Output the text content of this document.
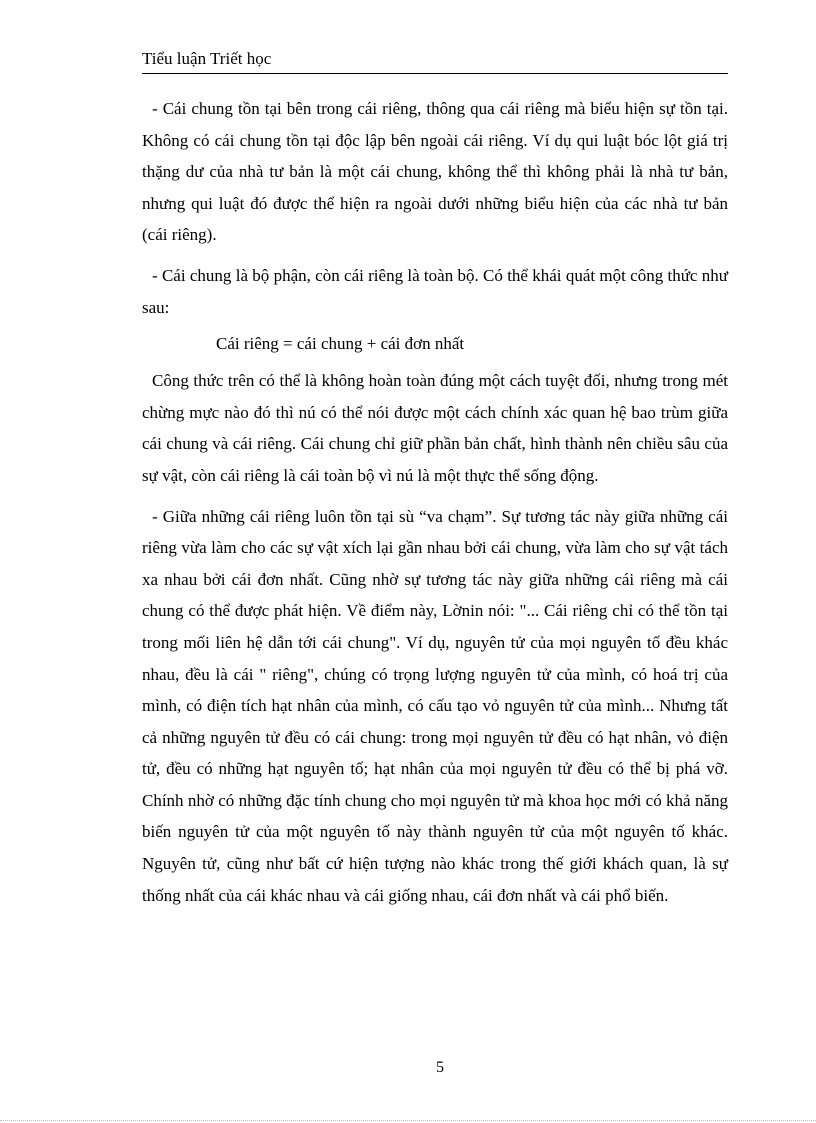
Tiểu luận Triết học

- Cái chung tồn tại bên trong cái riêng, thông qua cái riêng mà biểu hiện sự tồn tại. Không có cái chung tồn tại độc lập bên ngoài cái riêng. Ví dụ qui luật bóc lột giá trị thặng dư của nhà tư bản là một cái chung, không thể thì không phải là nhà tư bản, nhưng qui luật đó được thể hiện ra ngoài dưới những biểu hiện của các nhà tư bản (cái riêng).

- Cái chung là bộ phận, còn cái riêng là toàn bộ. Có thể khái quát một công thức như sau:

Cái riêng = cái chung + cái đơn nhất

Công thức trên có thể là không hoàn toàn đúng một cách tuyệt đối, nhưng trong mét chừng mực nào đó thì nú có thể nói được một cách chính xác quan hệ bao trùm giữa cái chung và cái riêng. Cái chung chỉ giữ phần bản chất, hình thành nên chiều sâu của sự vật, còn cái riêng là cái toàn bộ vì nú là một thực thể sống động.

- Giữa những cái riêng luôn tồn tại sù “va chạm”. Sự tương tác này giữa những cái riêng vừa làm cho các sự vật xích lại gần nhau bởi cái chung, vừa làm cho sự vật tách xa nhau bởi cái đơn nhất. Cũng nhờ sự tương tác này giữa những cái riêng mà cái chung có thể được phát hiện. Về điểm này, Lờnin nói: "... Cái riêng chỉ có thể tồn tại trong mối liên hệ dẫn tới cái chung". Ví dụ, nguyên tử của mọi nguyên tố đều khác nhau, đều là cái " riêng", chúng có trọng lượng nguyên tử của mình, có hoá trị của mình, có điện tích hạt nhân của mình, có cấu tạo vỏ nguyên tử của mình... Nhưng tất cả những nguyên tử đều có cái chung: trong mọi nguyên tử đều có hạt nhân, vỏ điện tử, đều có những hạt nguyên tố; hạt nhân của mọi nguyên tử đều có thể bị phá vỡ. Chính nhờ có những đặc tính chung cho mọi nguyên tử mà khoa học mới có khả năng biến nguyên tử của một nguyên tố này thành nguyên tử của một nguyên tố khác. Nguyên tử, cũng như bất cứ hiện tượng nào khác trong thế giới khách quan, là sự thống nhất của cái khác nhau và cái giống nhau, cái đơn nhất và cái phổ biến.

5
